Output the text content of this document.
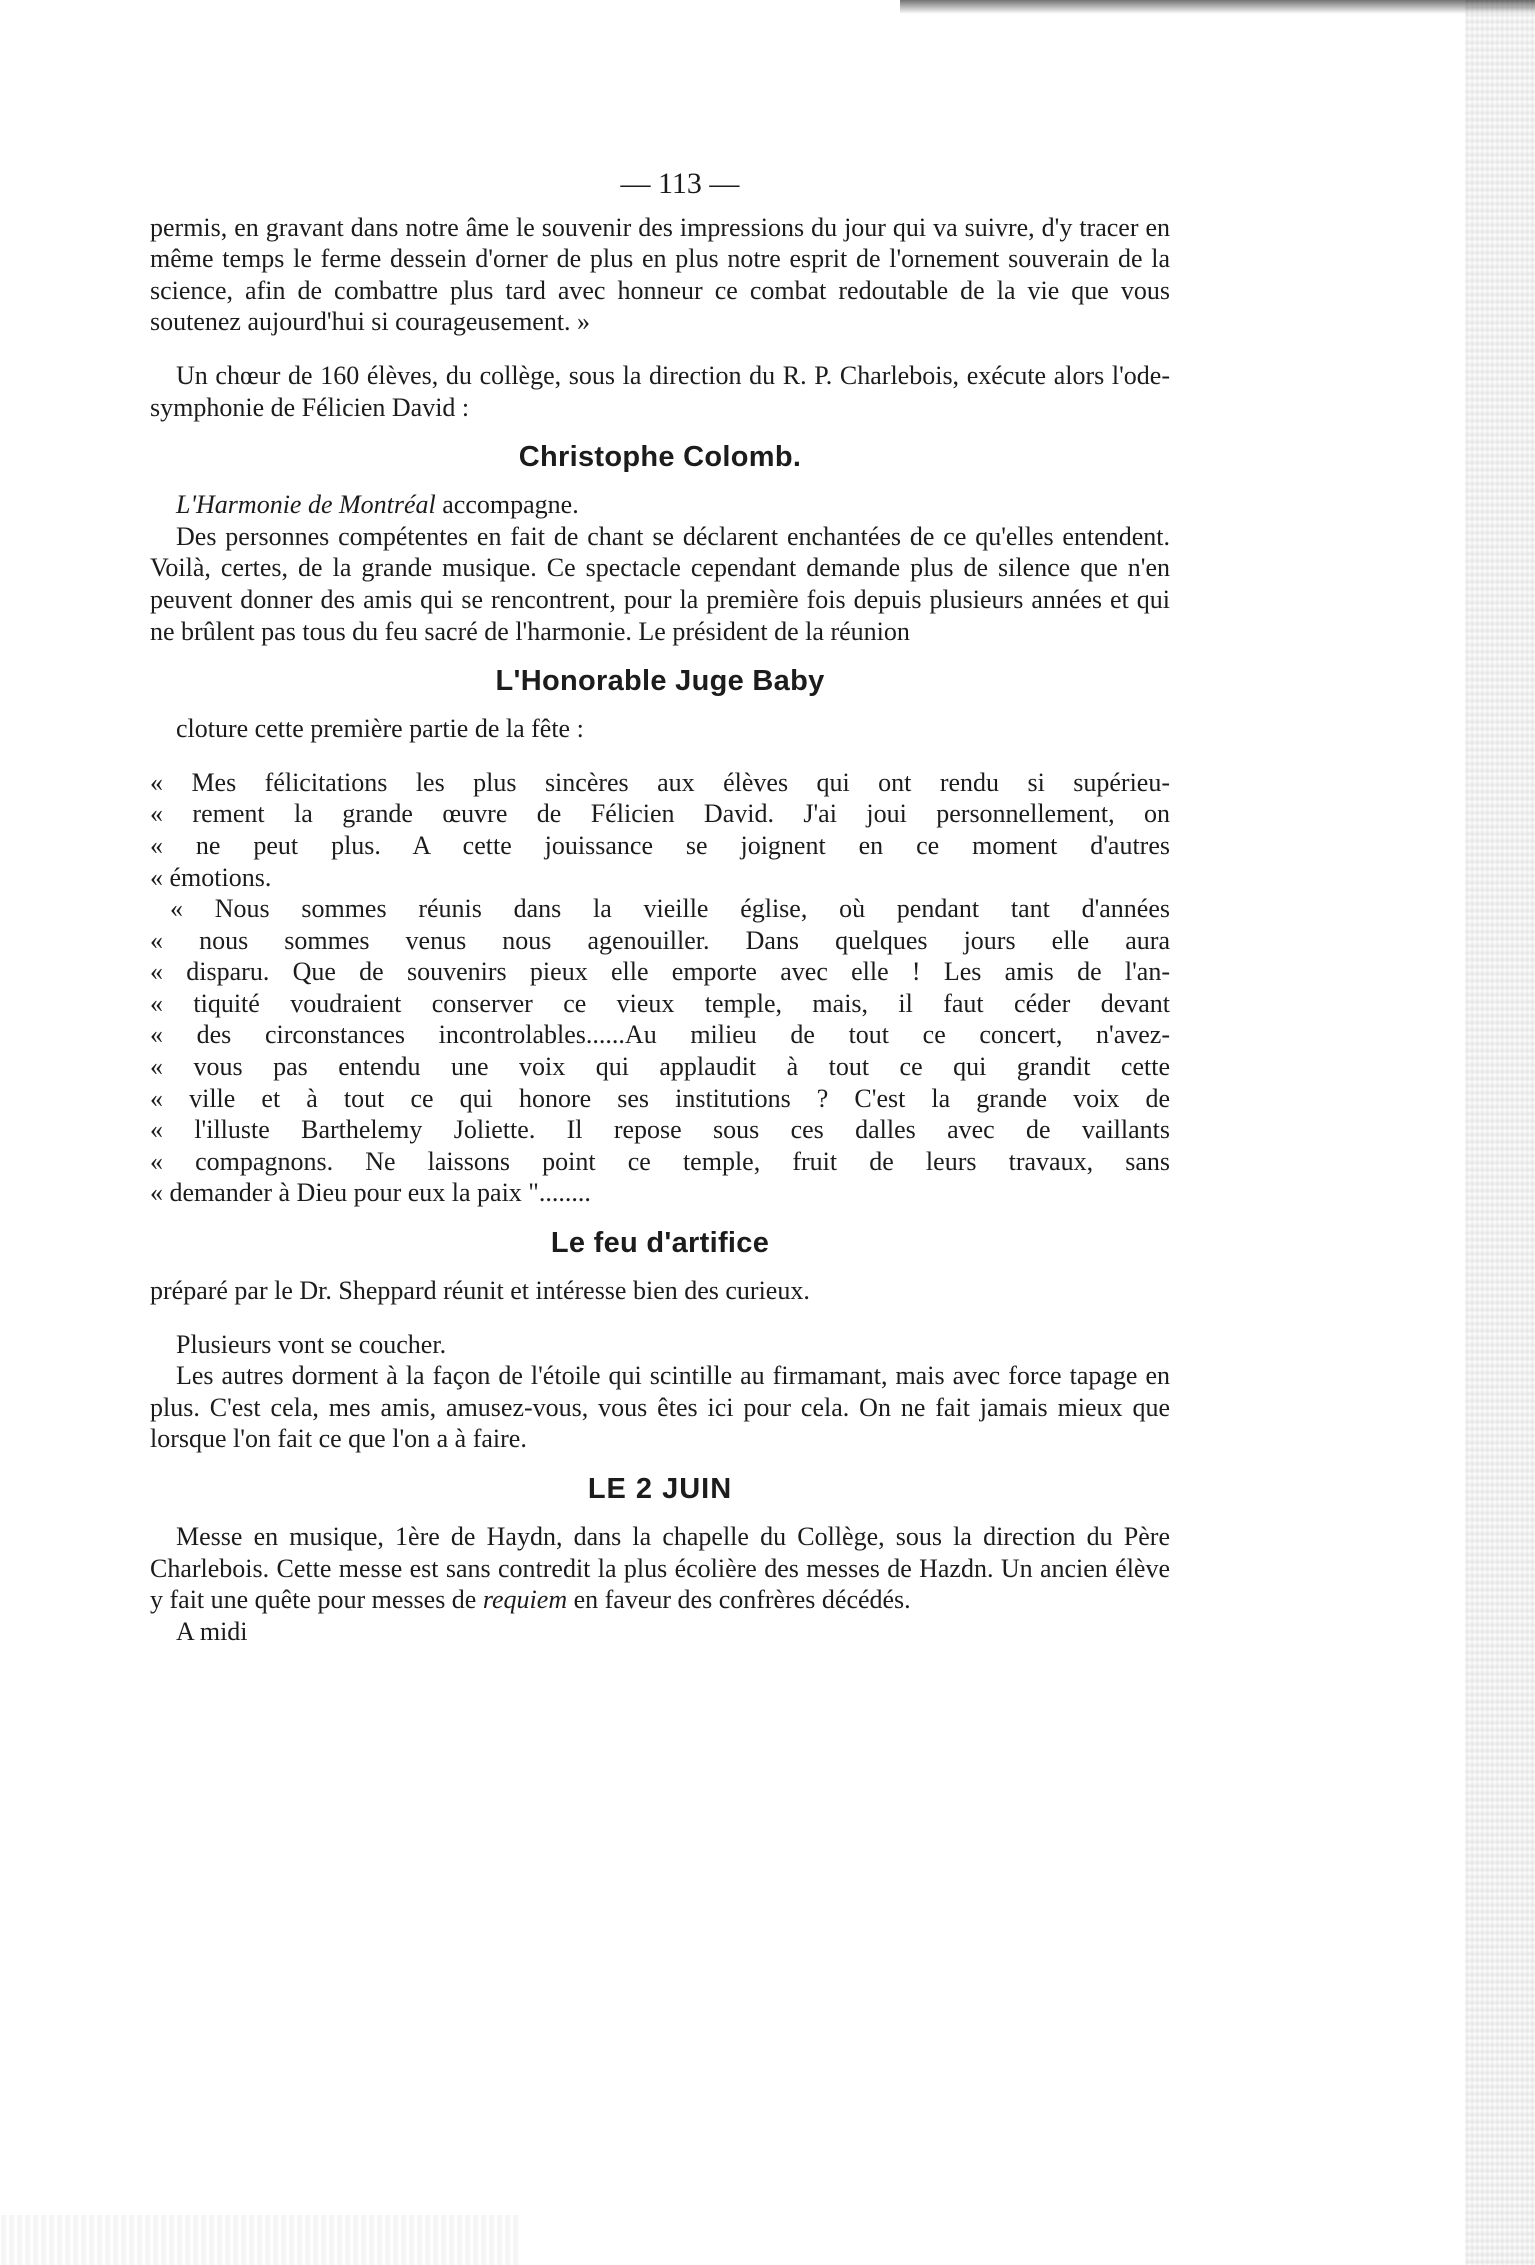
— 113 —

permis, en gravant dans notre âme le souvenir des impressions du jour qui va suivre, d'y tracer en même temps le ferme dessein d'orner de plus en plus notre esprit de l'ornement souverain de la science, afin de combattre plus tard avec honneur ce combat redoutable de la vie que vous soutenez aujourd'hui si courageusement. »

Un chœur de 160 élèves, du collège, sous la direction du R. P. Charlebois, exécute alors l'ode-symphonie de Félicien David :

Christophe Colomb.

L'Harmonie de Montréal accompagne.

Des personnes compétentes en fait de chant se déclarent enchantées de ce qu'elles entendent. Voilà, certes, de la grande musique. Ce spectacle cependant demande plus de silence que n'en peuvent donner des amis qui se rencontrent, pour la première fois depuis plusieurs années et qui ne brûlent pas tous du feu sacré de l'harmonie. Le président de la réunion

L'Honorable Juge Baby

cloture cette première partie de la fête :

« Mes félicitations les plus sincères aux élèves qui ont rendu si supérieu-

« rement la grande œuvre de Félicien David. J'ai joui personnellement, on

« ne peut plus. A cette jouissance se joignent en ce moment d'autres

« émotions.

« Nous sommes réunis dans la vieille église, où pendant tant d'années

« nous sommes venus nous agenouiller. Dans quelques jours elle aura

« disparu. Que de souvenirs pieux elle emporte avec elle ! Les amis de l'an-

« tiquité voudraient conserver ce vieux temple, mais, il faut céder devant

« des circonstances incontrolables......Au milieu de tout ce concert, n'avez-

« vous pas entendu une voix qui applaudit à tout ce qui grandit cette

« ville et à tout ce qui honore ses institutions ? C'est la grande voix de

« l'illuste Barthelemy Joliette. Il repose sous ces dalles avec de vaillants

« compagnons. Ne laissons point ce temple, fruit de leurs travaux, sans

« demander à Dieu pour eux la paix "........

Le feu d'artifice

préparé par le Dr. Sheppard réunit et intéresse bien des curieux.

Plusieurs vont se coucher.

Les autres dorment à la façon de l'étoile qui scintille au firmamant, mais avec force tapage en plus. C'est cela, mes amis, amusez-vous, vous êtes ici pour cela. On ne fait jamais mieux que lorsque l'on fait ce que l'on a à faire.

LE 2 JUIN

Messe en musique, 1ère de Haydn, dans la chapelle du Collège, sous la direction du Père Charlebois. Cette messe est sans contredit la plus écolière des messes de Hazdn. Un ancien élève y fait une quête pour messes de requiem en faveur des confrères décédés.

A midi
